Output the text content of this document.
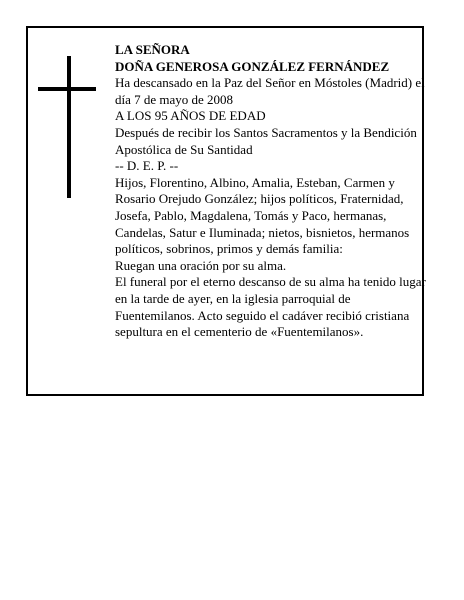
LA SEÑORA

DOÑA GENEROSA GONZÁLEZ FERNÁNDEZ

Ha descansado en la Paz del Señor en Móstoles (Madrid) el día 7 de mayo de 2008

A LOS 95 AÑOS DE EDAD

Después de recibir los Santos Sacramentos y la Bendición Apostólica de Su Santidad

-- D. E. P. --

Hijos, Florentino, Albino, Amalia, Esteban, Carmen y Rosario Orejudo González; hijos políticos, Fraternidad, Josefa, Pablo, Magdalena, Tomás y Paco, hermanas, Candelas, Satur e Iluminada; nietos, bisnietos, hermanos políticos, sobrinos, primos y demás familia:

Ruegan una oración por su alma.

El funeral por el eterno descanso de su alma ha tenido lugar en la tarde de ayer, en la iglesia parroquial de Fuentemilanos. Acto seguido el cadáver recibió cristiana sepultura en el cementerio de «Fuentemilanos».
